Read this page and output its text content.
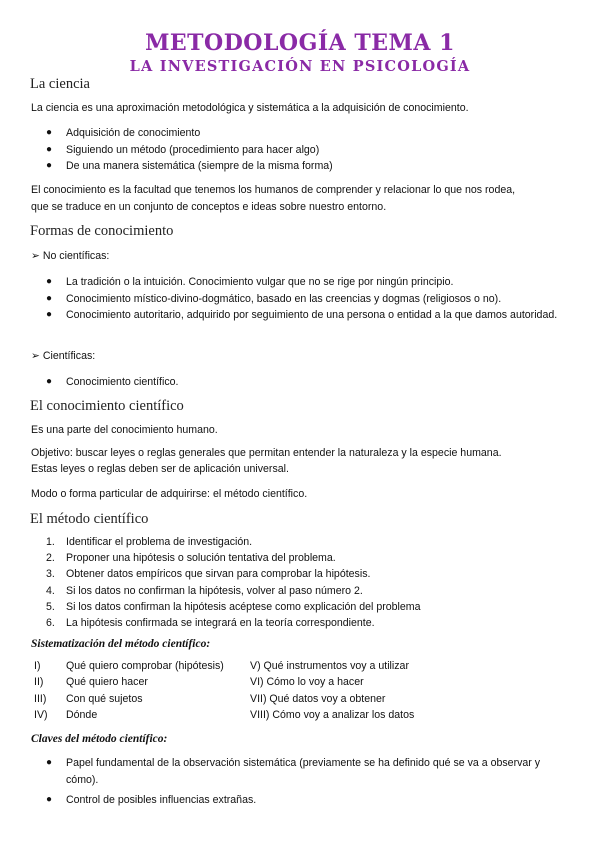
METODOLOGÍA TEMA 1
LA INVESTIGACIÓN EN PSICOLOGÍA
La ciencia

La ciencia es una aproximación metodológica y sistemática a la adquisición de conocimiento.

● Adquisición de conocimiento
● Siguiendo un método (procedimiento para hacer algo)
● De una manera sistemática (siempre de la misma forma)

El conocimiento es la facultad que tenemos los humanos de comprender y relacionar lo que nos rodea,

que se traduce en un conjunto de conceptos e ideas sobre nuestro entorno.

Formas de conocimiento

➢ No científicas:

● La tradición o la intuición. Conocimiento vulgar que no se rige por ningún principio.
● Conocimiento místico-divino-dogmático, basado en las creencias y dogmas (religiosos o no).
● Conocimiento autoritario, adquirido por seguimiento de una persona o entidad a la que damos autoridad.

➢ Científicas:

● Conocimiento científico.
El conocimiento científico

Es una parte del conocimiento humano.

Objetivo: buscar leyes o reglas generales que permitan entender la naturaleza y la especie humana.

Estas leyes o reglas deben ser de aplicación universal.

Modo o forma particular de adquirirse: el método científico.

El método científico
1. Identificar el problema de investigación.
2. Proponer una hipótesis o solución tentativa del problema.
3. Obtener datos empíricos que sirvan para comprobar la hipótesis.
4. Si los datos no confirman la hipótesis, volver al paso número 2.
5. Si los datos confirman la hipótesis acéptese como explicación del problema
6. La hipótesis confirmada se integrará en la teoría correspondiente.

Sistematización del método científico:

I)	Qué quiero comprobar (hipótesis) V) Qué instrumentos voy a utilizar
II)	Qué quiero hacer	VI) Cómo lo voy a hacer
III)	Con qué sujetos	VII) Qué datos voy a obtener
IV)	Dónde	VIII) Cómo voy a analizar los datos

Claves del método científico:

● Papel fundamental de la observación sistemática (previamente se ha definido qué se va a observar y cómo).
● Control de posibles influencias extrañas.
